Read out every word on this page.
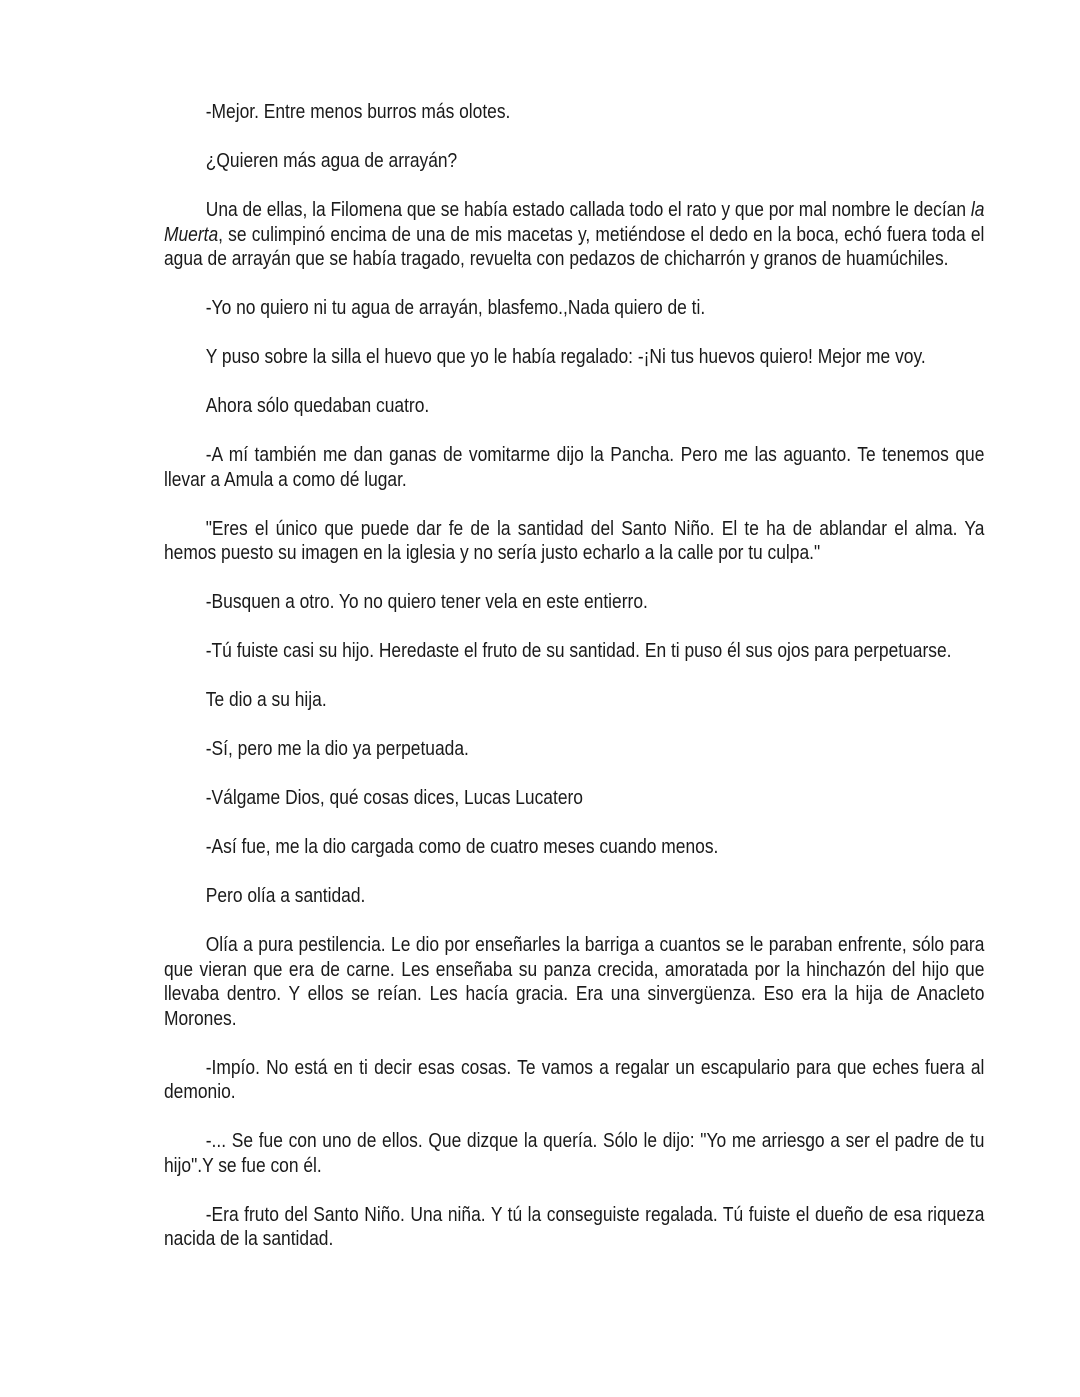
-Mejor. Entre menos burros más olotes.
¿Quieren más agua de arrayán?
Una de ellas, la Filomena que se había estado callada todo el rato y que por mal nombre le decían la
Muerta, se culimpinó encima de una de mis macetas y, metiéndose el dedo en la boca, echó fuera toda el
agua de arrayán que se había tragado, revuelta con pedazos de chicharrón y granos de huamúchiles.
-Yo no quiero ni tu agua de arrayán, blasfemo.,Nada quiero de ti.
Y puso sobre la silla el huevo que yo le había regalado: -¡Ni tus huevos quiero! Mejor me voy.
Ahora sólo quedaban cuatro.
-A mí también me dan ganas de vomitarme dijo la Pancha. Pero me las aguanto. Te tenemos que
llevar a Amula a como dé lugar.
"Eres el único que puede dar fe de la santidad del Santo Niño. El te ha de ablandar el alma. Ya
hemos puesto su imagen en la iglesia y no sería justo echarlo a la calle por tu culpa."
-Busquen a otro. Yo no quiero tener vela en este entierro.
-Tú fuiste casi su hijo. Heredaste el fruto de su santidad. En ti puso él sus ojos para perpetuarse.
Te dio a su hija.
-Sí, pero me la dio ya perpetuada.
-Válgame Dios, qué cosas dices, Lucas Lucatero
-Así fue, me la dio cargada como de cuatro meses cuando menos.
Pero olía a santidad.
Olía a pura pestilencia. Le dio por enseñarles la barriga a cuantos se le paraban enfrente, sólo para
que vieran que era de carne. Les enseñaba su panza crecida, amoratada por la hinchazón del hijo que
llevaba dentro. Y ellos se reían. Les hacía gracia. Era una sinvergüenza. Eso era la hija de Anacleto
Morones.
-Impío. No está en ti decir esas cosas. Te vamos a regalar un escapulario para que eches fuera al
demonio.
-... Se fue con uno de ellos. Que dizque la quería. Sólo le dijo: "Yo me arriesgo a ser el padre de tu
hijo".Y se fue con él.
-Era fruto del Santo Niño. Una niña. Y tú la conseguiste regalada. Tú fuiste el dueño de esa riqueza
nacida de la santidad.
